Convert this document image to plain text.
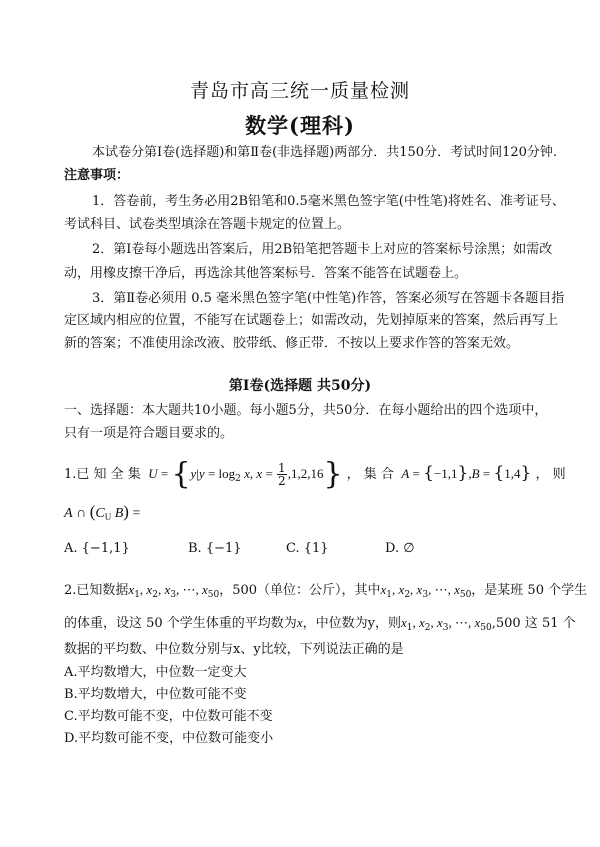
青岛市高三统一质量检测
数学(理科)
本试卷分第Ⅰ卷(选择题)和第Ⅱ卷(非选择题)两部分．共150分．考试时间120分钟.
注意事项：
1．答卷前，考生务必用2B铅笔和0.5毫米黑色签字笔(中性笔)将姓名、准考证号、
考试科目、试卷类型填涂在答题卡规定的位置上。
2．第Ⅰ卷每小题选出答案后，用2B铅笔把答题卡上对应的答案标号涂黑；如需改
动，用橡皮擦干净后，再选涂其他答案标号．答案不能答在试题卷上。
3．第Ⅱ卷必须用 0.5 毫米黑色签字笔(中性笔)作答，答案必须写在答题卡各题目指
定区域内相应的位置，不能写在试题卷上；如需改动，先划掉原来的答案，然后再写上
新的答案；不准使用涂改液、胶带纸、修正带．不按以上要求作答的答案无效。
第Ⅰ卷(选择题 共50分)
一、选择题：本大题共10小题。每小题5分，共50分．在每小题给出的四个选项中，
只有一项是符合题目要求的。
1.已 知 全 集  $U = \{y|y = \log_2 x$, $x = \frac{1}{2} ,1,2,16$} ， 集 合  A = {−1,1},B = {1,4} ， 则
A ∩ ($C_U$ B) =
A. {−1,1}	B. {−1}	C. {1}	D. ∅
2.已知数据$x_1$, $x_2$, $x_3$, ⋯, $x_{50}$，500（单位：公斤），其中$x_1$, $x_2$, $x_3$, ⋯, $x_{50}$，是某班 50 个学生
的体重，设这 50 个学生体重的平均数为x，中位数为y，则$x_1$, $x_2$, $x_3$, ⋯, $x_{50},500$ 这 51 个
数据的平均数、中位数分别与x、y比较，下列说法正确的是
A.平均数增大，中位数一定变大
B.平均数增大，中位数可能不变
C.平均数可能不变，中位数可能不变
D.平均数可能不变，中位数可能变小
